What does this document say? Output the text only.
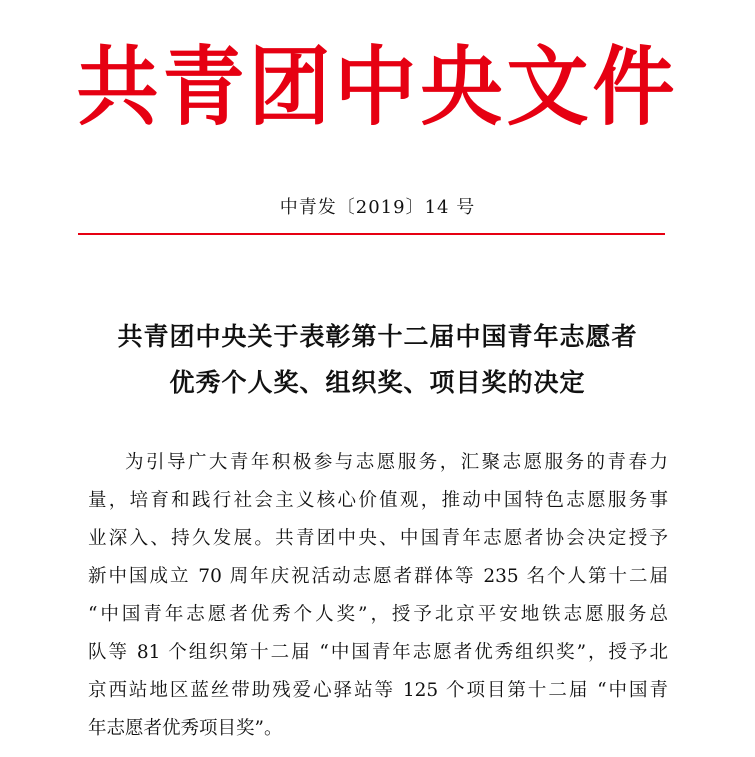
共青团中央文件
中青发〔2019〕14 号
共青团中央关于表彰第十二届中国青年志愿者
优秀个人奖、组织奖、项目奖的决定
为引导广大青年积极参与志愿服务，汇聚志愿服务的青春力
量，培育和践行社会主义核心价值观，推动中国特色志愿服务事
业深入、持久发展。共青团中央、中国青年志愿者协会决定授予
新中国成立 70 周年庆祝活动志愿者群体等 235 名个人第十二届
“中国青年志愿者优秀个人奖”，授予北京平安地铁志愿服务总
队等 81 个组织第十二届 “中国青年志愿者优秀组织奖”，授予北
京西站地区蓝丝带助残爱心驿站等 125 个项目第十二届 “中国青
年志愿者优秀项目奖”。
